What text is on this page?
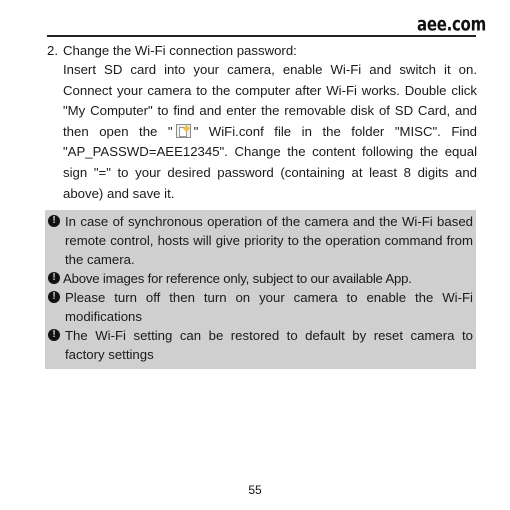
aee.com
2. Change the Wi-Fi connection password:
Insert SD card into your camera, enable Wi-Fi and switch it on. Connect your camera to the computer after Wi-Fi works. Double click "My Computer" to find and enter the removable disk of SD Card, and then open the " " WiFi.conf file in the folder "MISC". Find "AP_PASSWD=AEE12345". Change the content following the equal sign "=" to your desired password (containing at least 8 digits and above) and save it.
! In case of synchronous operation of the camera and the Wi-Fi based remote control, hosts will give priority to the operation command from the camera.
! Above images for reference only, subject to our available App.
! Please turn off then turn on your camera to enable the Wi-Fi modifications
! The Wi-Fi setting can be restored to default by reset camera to factory settings
55
